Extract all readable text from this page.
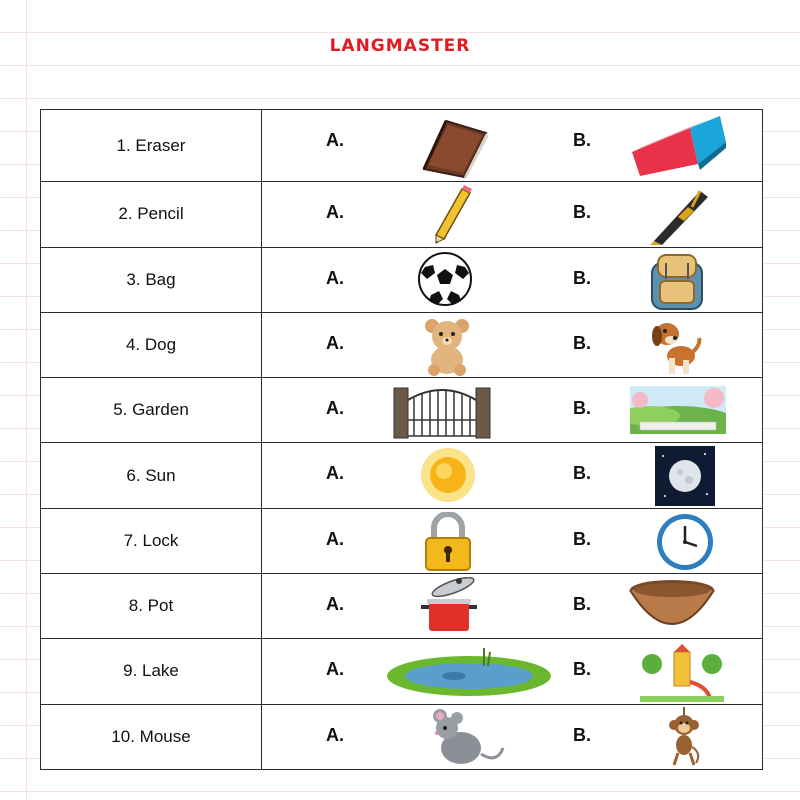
LANGMASTER
1. Eraser	A. B.

2. Pencil	A. B.

3. Bag	A. B.

4. Dog	A. B.

5. Garden	A. B.

6. Sun	A. B.

7. Lock	A. B.

8. Pot	A. B.

9. Lake	A. B.

10. Mouse	A. B.
